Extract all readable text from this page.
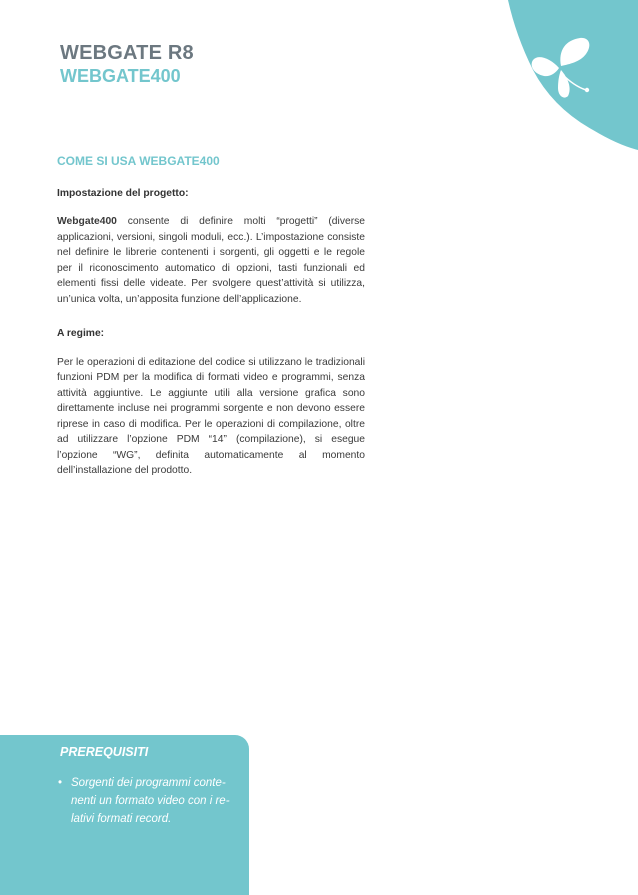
WEBGATE R8
WEBGATE400
COME SI USA WEBGATE400
Impostazione del progetto:

Webgate400 consente di definire molti “progetti” (diverse applicazioni, versioni, singoli moduli, ecc.). L’impostazione consiste nel definire le librerie contenenti i sorgenti, gli oggetti e le regole per il riconoscimento automatico di opzioni, tasti funzionali ed elementi fissi delle videate. Per svolgere quest’attività si utilizza, un’unica volta, un’apposita funzione dell’applicazione.

A regime:

Per le operazioni di editazione del codice si utilizzano le tradizionali funzioni PDM per la modifica di formati video e programmi, senza attività aggiuntive. Le aggiunte utili alla versione grafica sono direttamente incluse nei programmi sorgente e non devono essere riprese in caso di modifica. Per le operazioni di compilazione, oltre ad utilizzare l’opzione PDM “14” (compilazione), si esegue l’opzione “WG”, definita automaticamente al momento dell’installazione del prodotto.

PREREQUISITI
• Sorgenti dei programmi conte- nenti un formato video con i re- lativi formati record.
